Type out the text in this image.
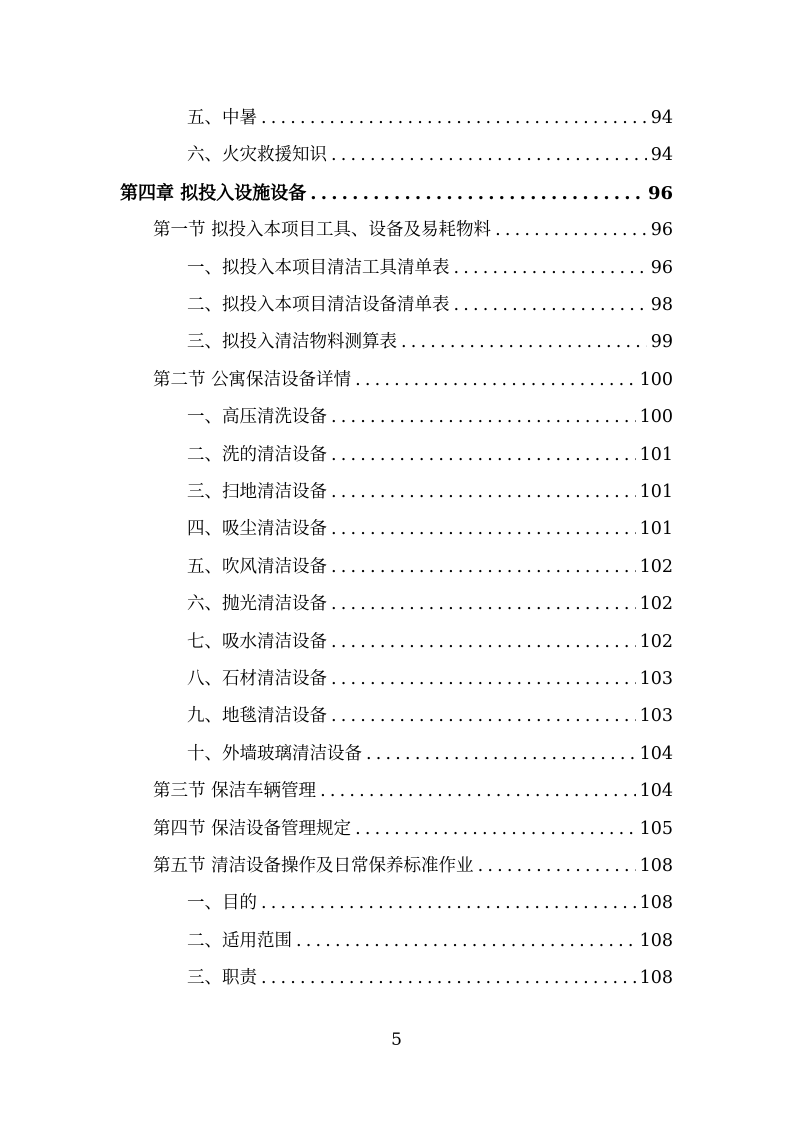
五、中暑 .....	94
六、火灾救援知识 .....	94
第四章 拟投入设施设备 .....	96
第一节 拟投入本项目工具、设备及易耗物料 .....	96
一、拟投入本项目清洁工具清单表 .....	96
二、拟投入本项目清洁设备清单表 .....	98
三、拟投入清洁物料测算表 .....	99
第二节 公寓保洁设备详情 .....	100
一、高压清洗设备 .....	100
二、洗的清洁设备 .....	101
三、扫地清洁设备 .....	101
四、吸尘清洁设备 .....	101
五、吹风清洁设备 .....	102
六、抛光清洁设备 .....	102
七、吸水清洁设备 .....	102
八、石材清洁设备 .....	103
九、地毯清洁设备 .....	103
十、外墙玻璃清洁设备 .....	104
第三节 保洁车辆管理 .....	104
第四节 保洁设备管理规定 .....	105
第五节 清洁设备操作及日常保养标准作业 .....	108
一、目的 .....	108
二、适用范围 .....	108
三、职责 .....	108
5
